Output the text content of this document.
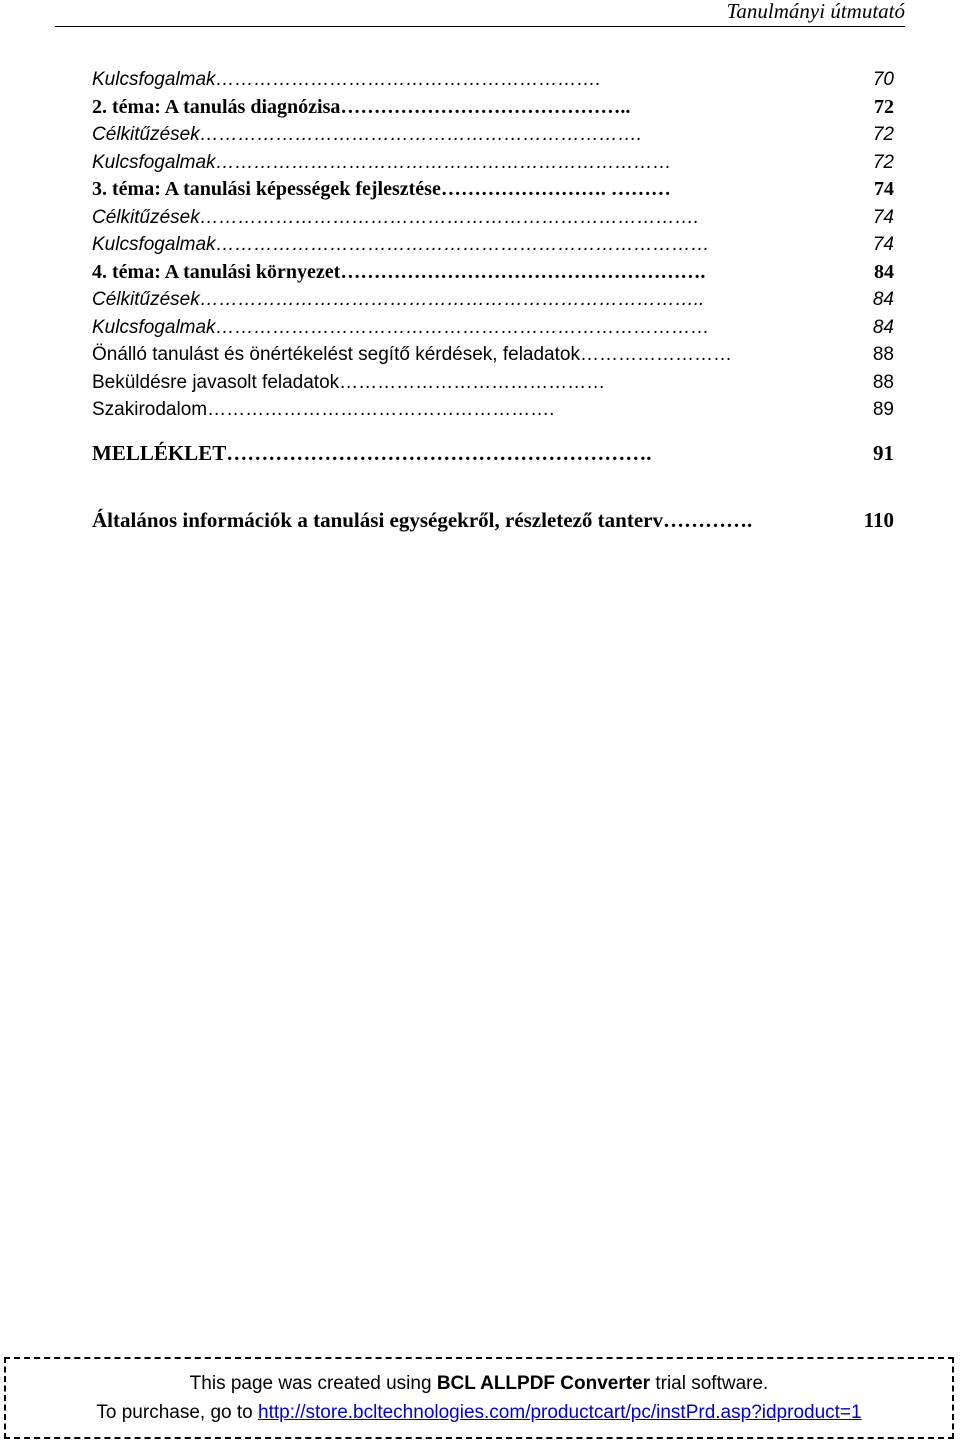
Tanulmányi útmutató
Kulcsfogalmak …………………………………………………….	70
2. téma: A tanulás diagnózisa ……………………………………..	72
Célkitűzések …………………………………………………………….	72
Kulcsfogalmak ………………………………………………………………	72
3. téma: A tanulási képességek fejlesztése ……………………. ………	74
Célkitűzések …………………………………………………………………….	74
Kulcsfogalmak ……………………………………………………………………	74
4. téma: A tanulási környezet ……………………………………………….	84
Célkitűzések ……………………………………………………………………..	84
Kulcsfogalmak ……………………………………………………………………	84
Önálló tanulást és önértékelést segítő kérdések, feladatok ……………………	88
Beküldésre javasolt feladatok ……………………………………	88
Szakirodalom ……………………………………………….	89
MELLÉKLET …………………………………………………….	91
Általános információk a tanulási egységekről, részletező tanterv ………….	110
This page was created using BCL ALLPDF Converter trial software.
To purchase, go to http://store.bcltechnologies.com/productcart/pc/instPrd.asp?idproduct=1
